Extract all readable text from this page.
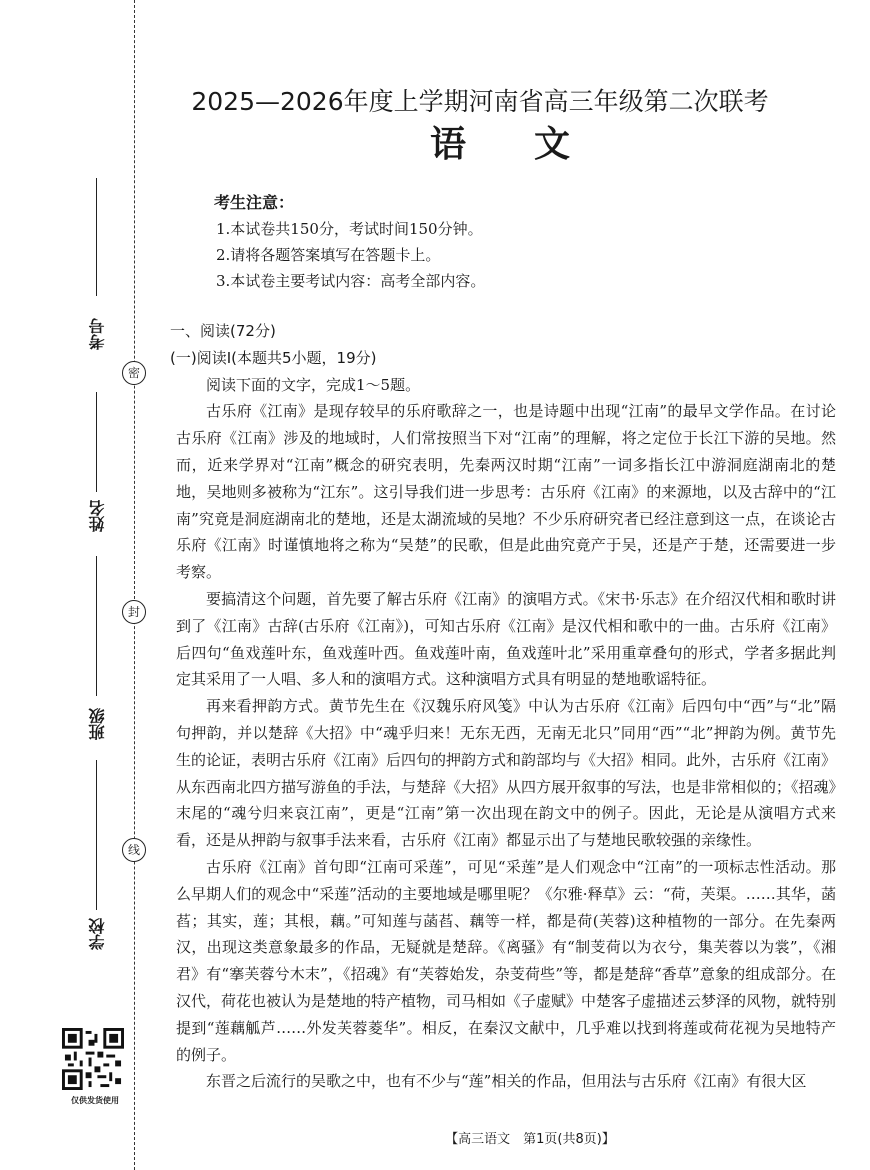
考号
密
姓名
封
班级
线
学校
仅供发货使用
2025—2026年度上学期河南省高三年级第二次联考
语文
考生注意：
1.本试卷共150分，考试时间150分钟。
2.请将各题答案填写在答题卡上。
3.本试卷主要考试内容：高考全部内容。
一、阅读(72分)
(一)阅读Ⅰ(本题共5小题，19分)

阅读下面的文字，完成1～5题。

古乐府《江南》是现存较早的乐府歌辞之一，也是诗题中出现“江南”的最早文学作品。在讨论古乐府《江南》涉及的地域时，人们常按照当下对“江南”的理解，将之定位于长江下游的吴地。然而，近来学界对“江南”概念的研究表明，先秦两汉时期“江南”一词多指长江中游洞庭湖南北的楚地，吴地则多被称为“江东”。这引导我们进一步思考：古乐府《江南》的来源地，以及古辞中的“江南”究竟是洞庭湖南北的楚地，还是太湖流域的吴地？不少乐府研究者已经注意到这一点，在谈论古乐府《江南》时谨慎地将之称为“吴楚”的民歌，但是此曲究竟产于吴，还是产于楚，还需要进一步考察。

要搞清这个问题，首先要了解古乐府《江南》的演唱方式。《宋书·乐志》在介绍汉代相和歌时讲到了《江南》古辞(古乐府《江南》)，可知古乐府《江南》是汉代相和歌中的一曲。古乐府《江南》后四句“鱼戏莲叶东，鱼戏莲叶西。鱼戏莲叶南，鱼戏莲叶北”采用重章叠句的形式，学者多据此判定其采用了一人唱、多人和的演唱方式。这种演唱方式具有明显的楚地歌谣特征。

再来看押韵方式。黄节先生在《汉魏乐府风笺》中认为古乐府《江南》后四句中“西”与“北”隔句押韵，并以楚辞《大招》中“魂乎归来！无东无西，无南无北只”同用“西”“北”押韵为例。黄节先生的论证，表明古乐府《江南》后四句的押韵方式和韵部均与《大招》相同。此外，古乐府《江南》从东西南北四方描写游鱼的手法，与楚辞《大招》从四方展开叙事的写法，也是非常相似的；《招魂》末尾的“魂兮归来哀江南”，更是“江南”第一次出现在韵文中的例子。因此，无论是从演唱方式来看，还是从押韵与叙事手法来看，古乐府《江南》都显示出了与楚地民歌较强的亲缘性。

古乐府《江南》首句即“江南可采莲”，可见“采莲”是人们观念中“江南”的一项标志性活动。那么早期人们的观念中“采莲”活动的主要地域是哪里呢？《尔雅·释草》云：“荷，芙渠。……其华，菡萏；其实，莲；其根，藕。”可知莲与菡萏、藕等一样，都是荷(芙蓉)这种植物的一部分。在先秦两汉，出现这类意象最多的作品，无疑就是楚辞。《离骚》有“制芰荷以为衣兮，集芙蓉以为裳”，《湘君》有“搴芙蓉兮木末”，《招魂》有“芙蓉始发，杂芰荷些”等，都是楚辞“香草”意象的组成部分。在汉代，荷花也被认为是楚地的特产植物，司马相如《子虚赋》中楚客子虚描述云梦泽的风物，就特别提到“莲藕觚芦……外发芙蓉菱华”。相反，在秦汉文献中，几乎难以找到将莲或荷花视为吴地特产的例子。

东晋之后流行的吴歌之中，也有不少与“莲”相关的作品，但用法与古乐府《江南》有很大区

【高三语文　第1页(共8页)】
